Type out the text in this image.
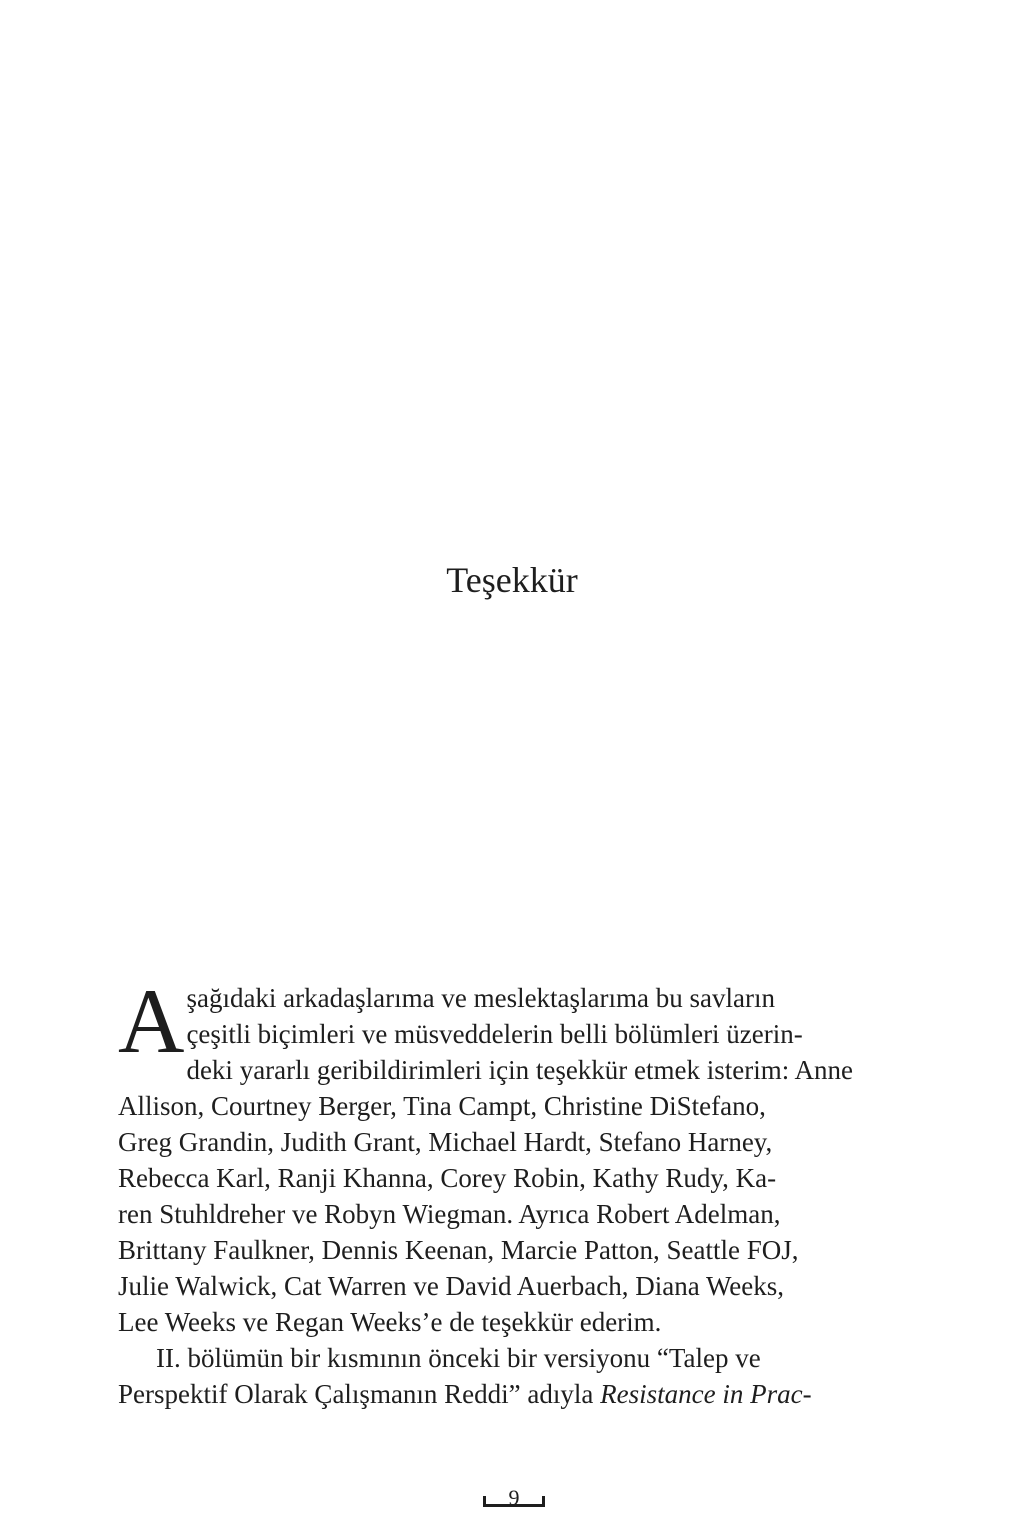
Teşekkür

A şağıdaki arkadaşlarıma ve meslektaşlarıma bu savların
çeşitli biçimleri ve müsveddelerin belli bölümleri üzerin-
deki yararlı geribildirimleri için teşekkür etmek isterim: Anne
Allison, Courtney Berger, Tina Campt, Christine DiStefano,
Greg Grandin, Judith Grant, Michael Hardt, Stefano Harney,
Rebecca Karl, Ranji Khanna, Corey Robin, Kathy Rudy, Ka-
ren Stuhldreher ve Robyn Wiegman. Ayrıca Robert Adelman,
Brittany Faulkner, Dennis Keenan, Marcie Patton, Seattle FOJ,
Julie Walwick, Cat Warren ve David Auerbach, Diana Weeks,
Lee Weeks ve Regan Weeks’e de teşekkür ederim.

II. bölümün bir kısmının önceki bir versiyonu “Talep ve
Perspektif Olarak Çalışmanın Reddi” adıyla Resistance in Prac-

9
